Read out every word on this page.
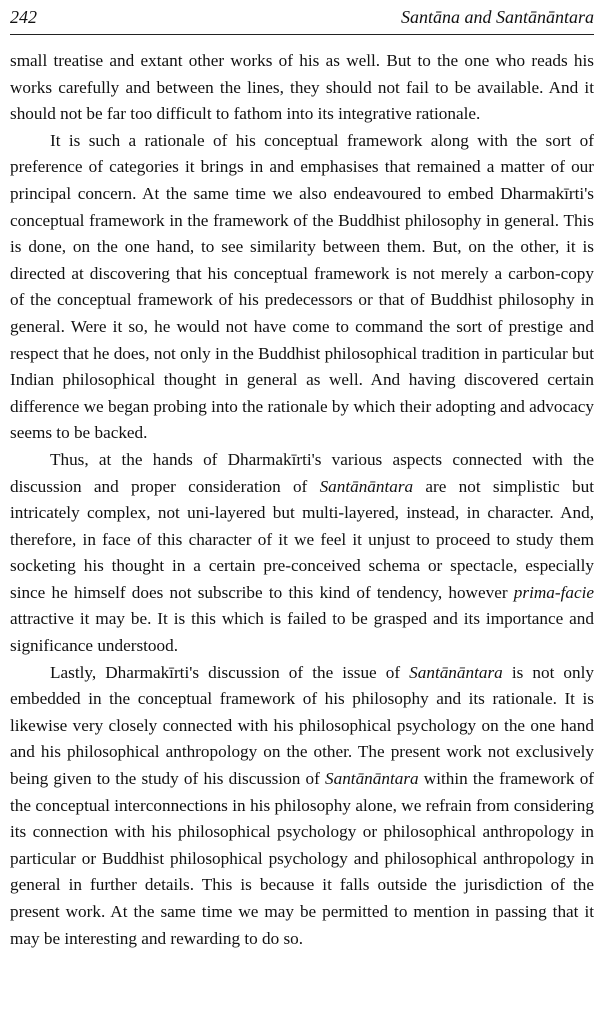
242	Santāna and Santānāntara

small treatise and extant other works of his as well. But to the one who reads his works carefully and between the lines, they should not fail to be available. And it should not be far too difficult to fathom into its integrative rationale.

It is such a rationale of his conceptual framework along with the sort of preference of categories it brings in and emphasises that remained a matter of our principal concern. At the same time we also endeavoured to embed Dharmakīrti's conceptual framework in the framework of the Buddhist philosophy in general. This is done, on the one hand, to see similarity between them. But, on the other, it is directed at discovering that his conceptual framework is not merely a carbon-copy of the conceptual framework of his predecessors or that of Buddhist philosophy in general. Were it so, he would not have come to command the sort of prestige and respect that he does, not only in the Buddhist philosophical tradition in particular but Indian philosophical thought in general as well. And having discovered certain difference we began probing into the rationale by which their adopting and advocacy seems to be backed.

Thus, at the hands of Dharmakīrti's various aspects connected with the discussion and proper consideration of Santānāntara are not simplistic but intricately complex, not uni-layered but multi-layered, instead, in character. And, therefore, in face of this character of it we feel it unjust to proceed to study them socketing his thought in a certain pre-conceived schema or spectacle, especially since he himself does not subscribe to this kind of tendency, however prima-facie attractive it may be. It is this which is failed to be grasped and its importance and significance understood.

Lastly, Dharmakīrti's discussion of the issue of Santānāntara is not only embedded in the conceptual framework of his philosophy and its rationale. It is likewise very closely connected with his philosophical psychology on the one hand and his philosophical anthropology on the other. The present work not exclusively being given to the study of his discussion of Santānāntara within the framework of the conceptual interconnections in his philosophy alone, we refrain from considering its connection with his philosophical psychology or philosophical anthropology in particular or Buddhist philosophical psychology and philosophical anthropology in general in further details. This is because it falls outside the jurisdiction of the present work. At the same time we may be permitted to mention in passing that it may be interesting and rewarding to do so.
